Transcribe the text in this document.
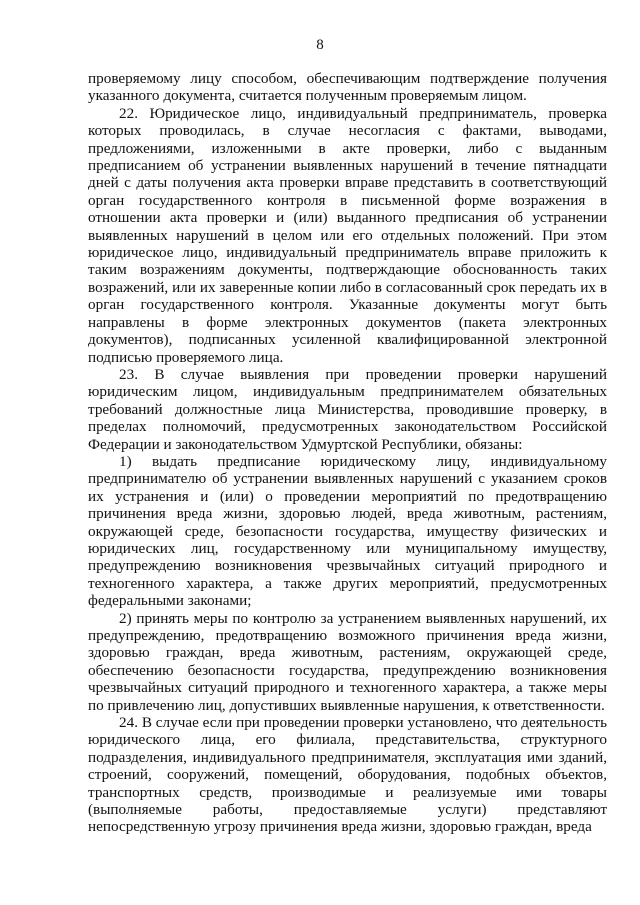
8

проверяемому лицу способом, обеспечивающим подтверждение получения указанного документа, считается полученным проверяемым лицом.

22. Юридическое лицо, индивидуальный предприниматель, проверка которых проводилась, в случае несогласия с фактами, выводами, предложениями, изложенными в акте проверки, либо с выданным предписанием об устранении выявленных нарушений в течение пятнадцати дней с даты получения акта проверки вправе представить в соответствующий орган государственного контроля в письменной форме возражения в отношении акта проверки и (или) выданного предписания об устранении выявленных нарушений в целом или его отдельных положений. При этом юридическое лицо, индивидуальный предприниматель вправе приложить к таким возражениям документы, подтверждающие обоснованность таких возражений, или их заверенные копии либо в согласованный срок передать их в орган государственного контроля. Указанные документы могут быть направлены в форме электронных документов (пакета электронных документов), подписанных усиленной квалифицированной электронной подписью проверяемого лица.

23. В случае выявления при проведении проверки нарушений юридическим лицом, индивидуальным предпринимателем обязательных требований должностные лица Министерства, проводившие проверку, в пределах полномочий, предусмотренных законодательством Российской Федерации и законодательством Удмуртской Республики, обязаны:

1) выдать предписание юридическому лицу, индивидуальному предпринимателю об устранении выявленных нарушений с указанием сроков их устранения и (или) о проведении мероприятий по предотвращению причинения вреда жизни, здоровью людей, вреда животным, растениям, окружающей среде, безопасности государства, имуществу физических и юридических лиц, государственному или муниципальному имуществу, предупреждению возникновения чрезвычайных ситуаций природного и техногенного характера, а также других мероприятий, предусмотренных федеральными законами;

2) принять меры по контролю за устранением выявленных нарушений, их предупреждению, предотвращению возможного причинения вреда жизни, здоровью граждан, вреда животным, растениям, окружающей среде, обеспечению безопасности государства, предупреждению возникновения чрезвычайных ситуаций природного и техногенного характера, а также меры по привлечению лиц, допустивших выявленные нарушения, к ответственности.

24. В случае если при проведении проверки установлено, что деятельность юридического лица, его филиала, представительства, структурного подразделения, индивидуального предпринимателя, эксплуатация ими зданий, строений, сооружений, помещений, оборудования, подобных объектов, транспортных средств, производимые и реализуемые ими товары (выполняемые работы, предоставляемые услуги) представляют непосредственную угрозу причинения вреда жизни, здоровью граждан, вреда
